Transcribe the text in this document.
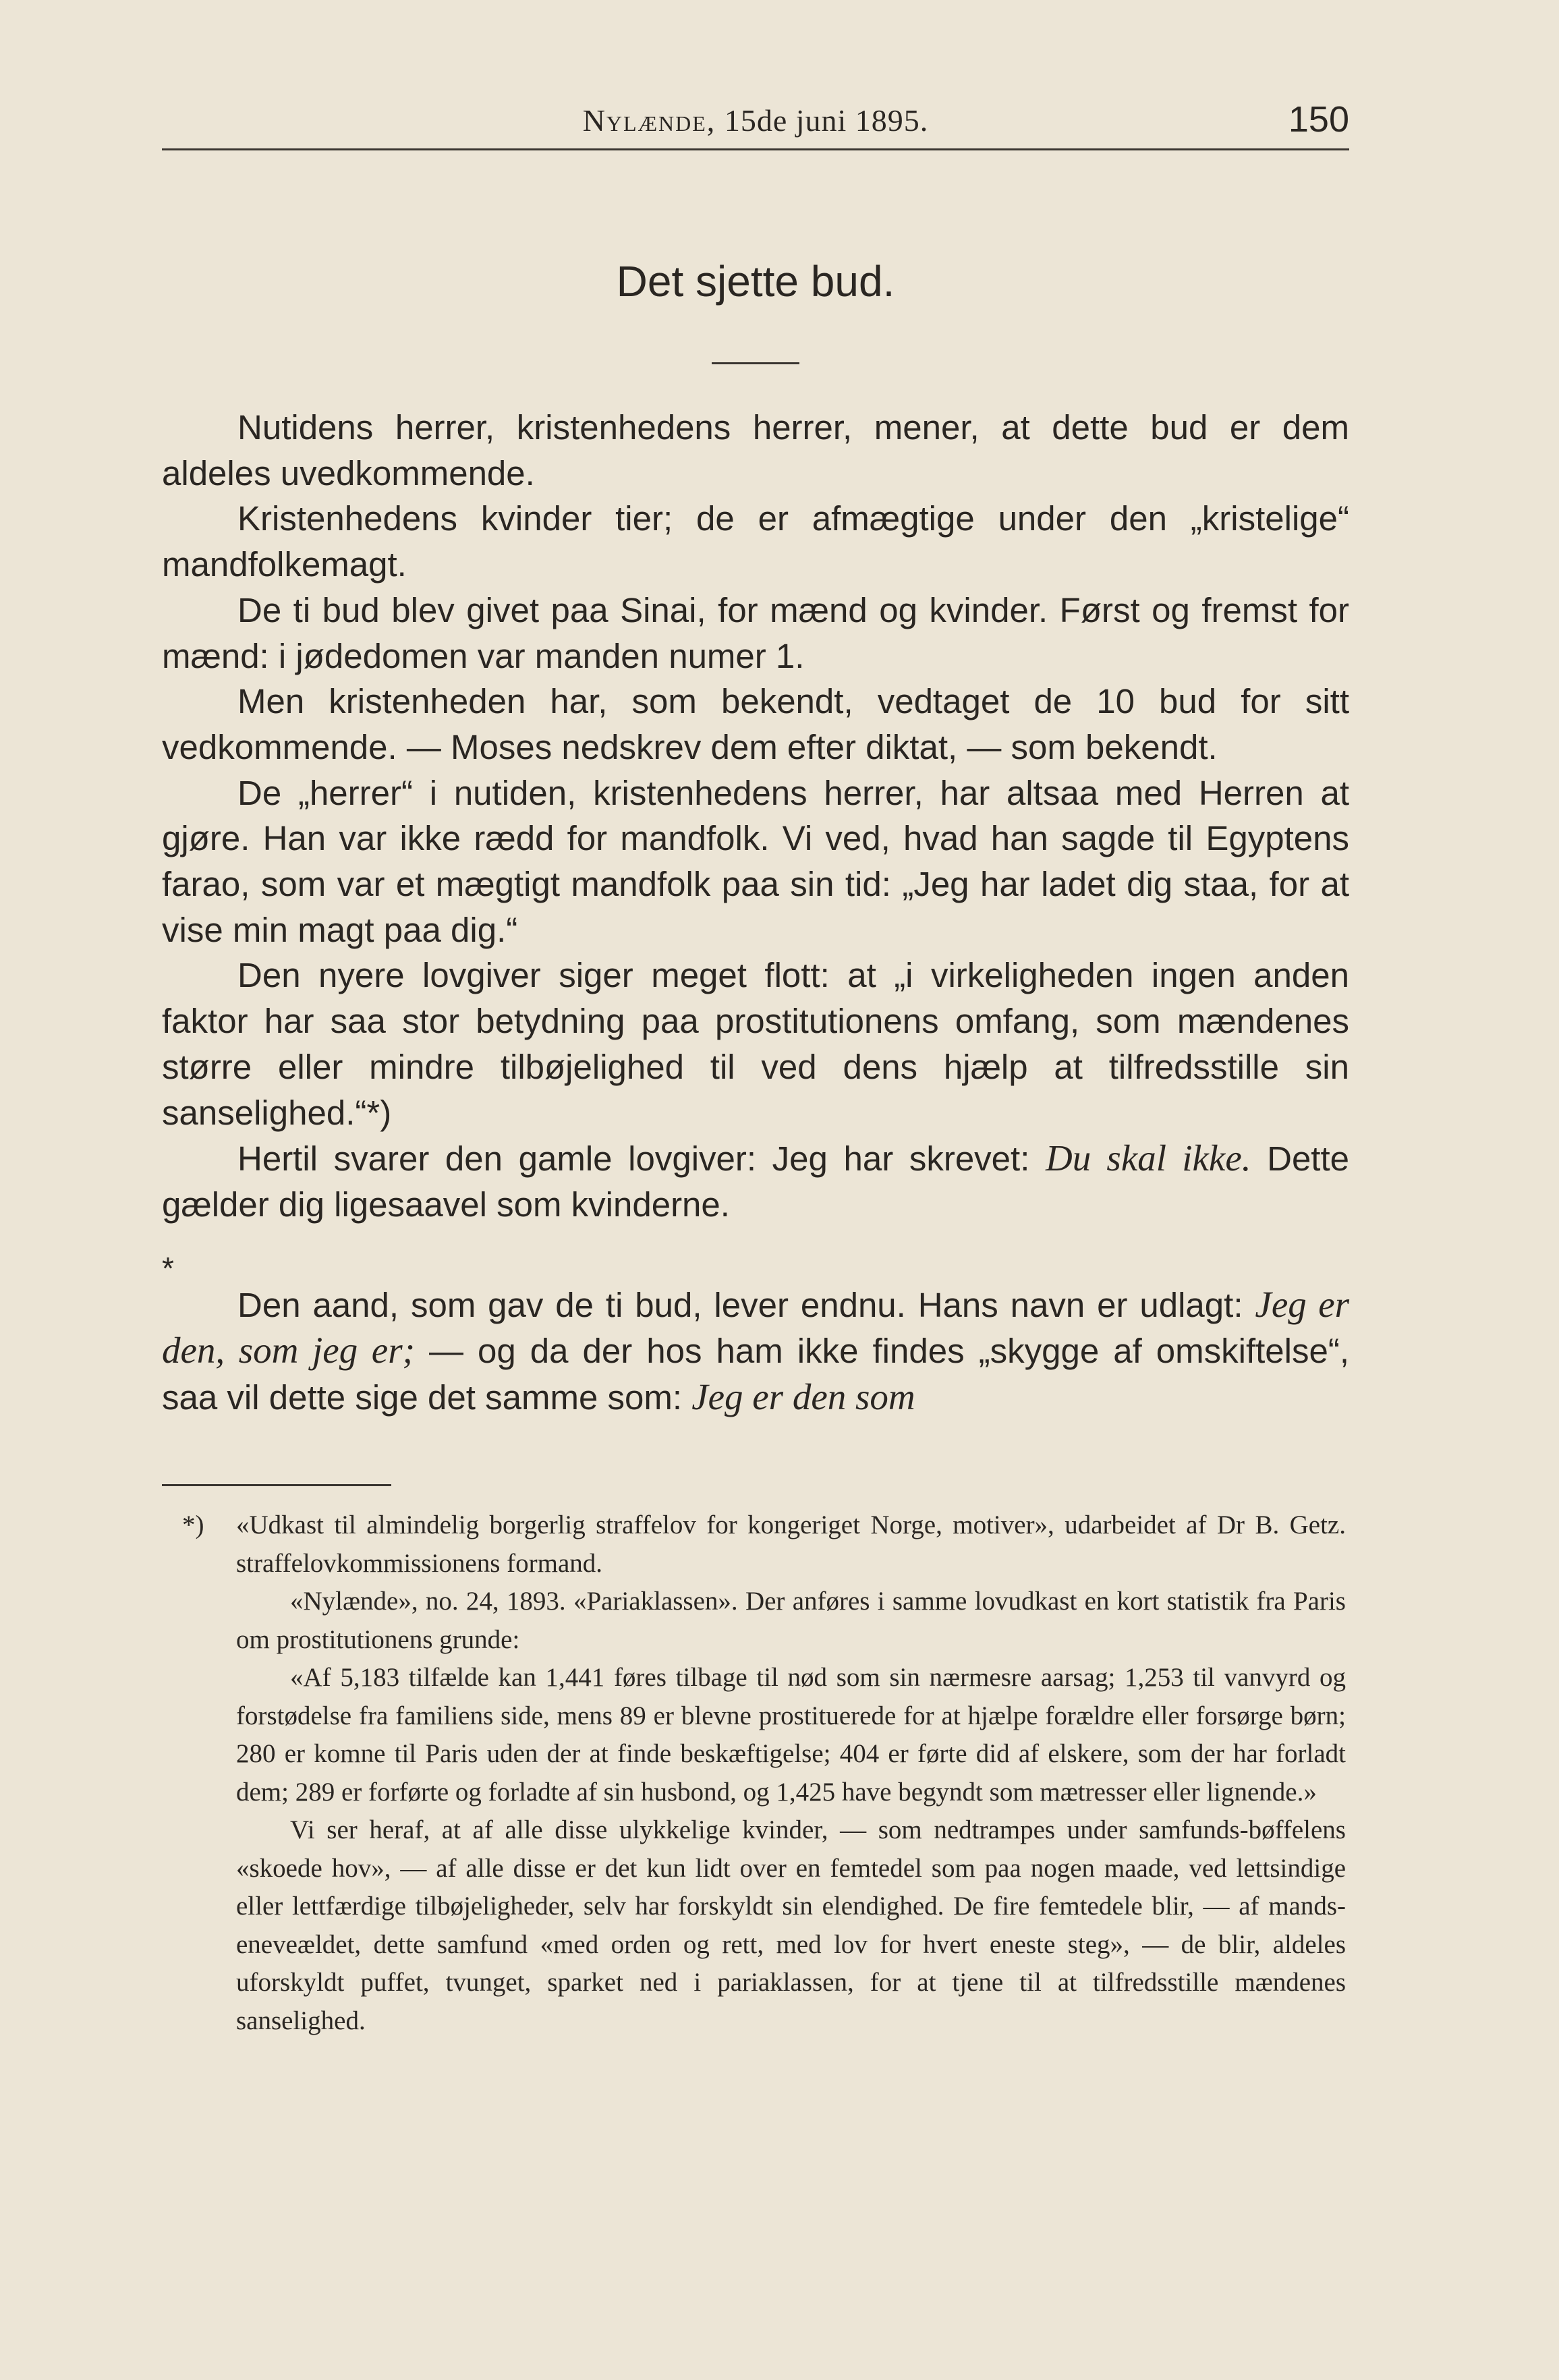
Nylænde, 15de juni 1895.	150
Det sjette bud.

Nutidens herrer, kristenhedens herrer, mener, at dette bud er dem aldeles uvedkommende.

Kristenhedens kvinder tier; de er afmægtige under den „kristelige“ mandfolkemagt.

De ti bud blev givet paa Sinai, for mænd og kvinder. Først og fremst for mænd: i jødedomen var manden numer 1.

Men kristenheden har, som bekendt, vedtaget de 10 bud for sitt vedkommende. — Moses nedskrev dem efter diktat, — som bekendt.

De „herrer“ i nutiden, kristenhedens herrer, har altsaa med Herren at gjøre. Han var ikke rædd for mandfolk. Vi ved, hvad han sagde til Egyptens farao, som var et mægtigt mandfolk paa sin tid: „Jeg har ladet dig staa, for at vise min magt paa dig.“

Den nyere lovgiver siger meget flott: at „i virkeligheden ingen anden faktor har saa stor betydning paa prostitutionens omfang, som mændenes større eller mindre tilbøjelighed til ved dens hjælp at tilfredsstille sin sanselighed.“*)

Hertil svarer den gamle lovgiver: Jeg har skrevet: Du skal ikke. Dette gælder dig ligesaavel som kvinderne.

*

Den aand, som gav de ti bud, lever endnu. Hans navn er udlagt: Jeg er den, som jeg er; — og da der hos ham ikke findes „skygge af omskiftelse“, saa vil dette sige det samme som: Jeg er den som

*) «Udkast til almindelig borgerlig straffelov for kongeriget Norge, motiver», udarbeidet af Dr B. Getz. straffelovkommissionens formand.

«Nylænde», no. 24, 1893. «Pariaklassen». Der anføres i samme lovudkast en kort statistik fra Paris om prostitutionens grunde:

«Af 5,183 tilfælde kan 1,441 føres tilbage til nød som sin nærmesre aarsag; 1,253 til vanvyrd og forstødelse fra familiens side, mens 89 er blevne prostituerede for at hjælpe forældre eller forsørge børn; 280 er komne til Paris uden der at finde beskæftigelse; 404 er førte did af elskere, som der har forladt dem; 289 er forførte og forladte af sin husbond, og 1,425 have begyndt som mætresser eller lignende.»

Vi ser heraf, at af alle disse ulykkelige kvinder, — som nedtrampes under samfunds-bøffelens «skoede hov», — af alle disse er det kun lidt over en femtedel som paa nogen maade, ved lettsindige eller lettfærdige tilbøjeligheder, selv har forskyldt sin elendighed. De fire femtedele blir, — af mands-eneveældet, dette samfund «med orden og rett, med lov for hvert eneste steg», — de blir, aldeles uforskyldt puffet, tvunget, sparket ned i pariaklassen, for at tjene til at tilfredsstille mændenes sanselighed.
